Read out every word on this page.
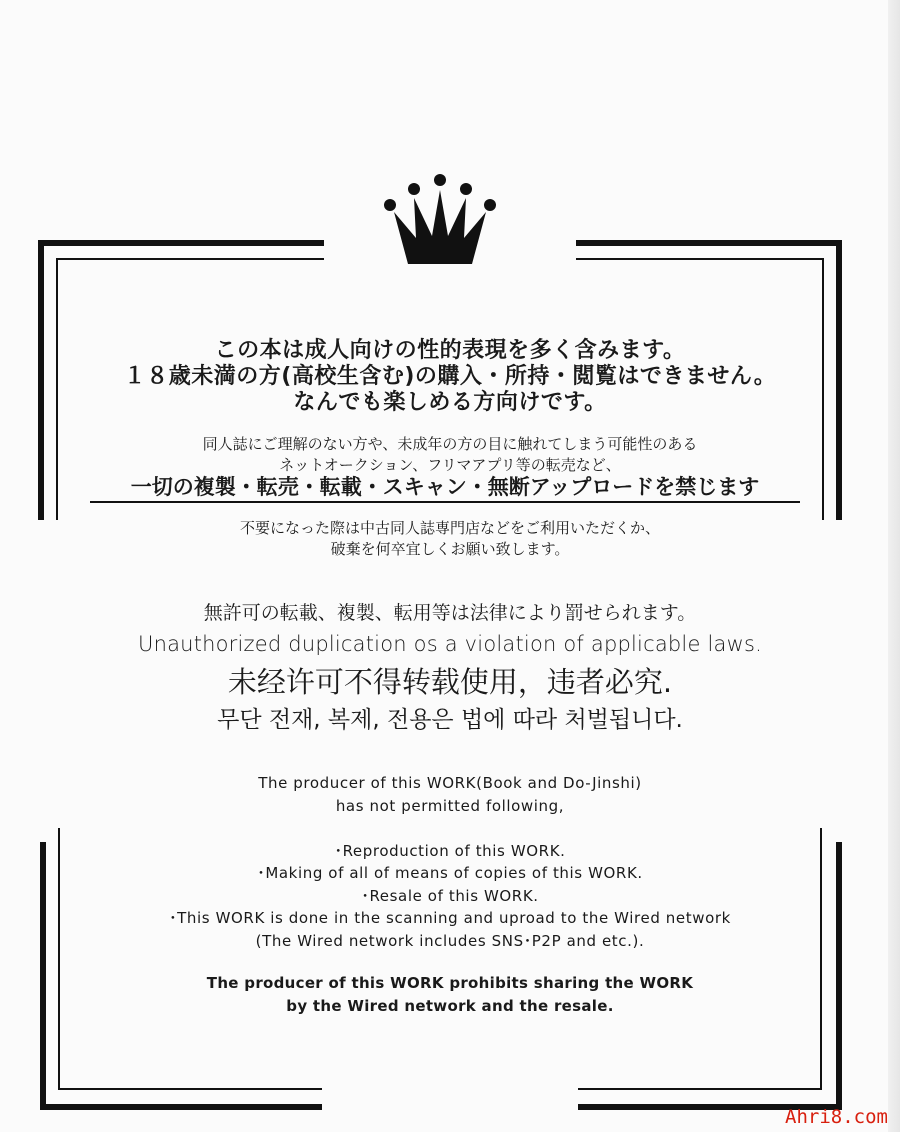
この本は成人向けの性的表現を多く含みます。
１８歳未満の方(高校生含む)の購入・所持・閲覧はできません。
なんでも楽しめる方向けです。
同人誌にご理解のない方や、未成年の方の目に触れてしまう可能性のある
ネットオークション、フリマアプリ等の転売など、
一切の複製・転売・転載・スキャン・無断アップロードを禁じます
不要になった際は中古同人誌専門店などをご利用いただくか、
破棄を何卒宜しくお願い致します。
無許可の転載、複製、転用等は法律により罰せられます。
Unauthorized duplication os a violation of applicable laws.
未经许可不得转载使用，违者必究.
무단 전재, 복제, 전용은 법에 따라 처벌됩니다.
The producer of this WORK(Book and Do-Jinshi)
has not permitted following,
･Reproduction of this WORK.
･Making of all of means of copies of this WORK.
･Resale of this WORK.
･This WORK is done in the scanning and uproad to the Wired network
(The Wired network includes SNS･P2P and etc.).
The producer of this WORK prohibits sharing the WORK
by the Wired network and the resale.
Ahri8.com
